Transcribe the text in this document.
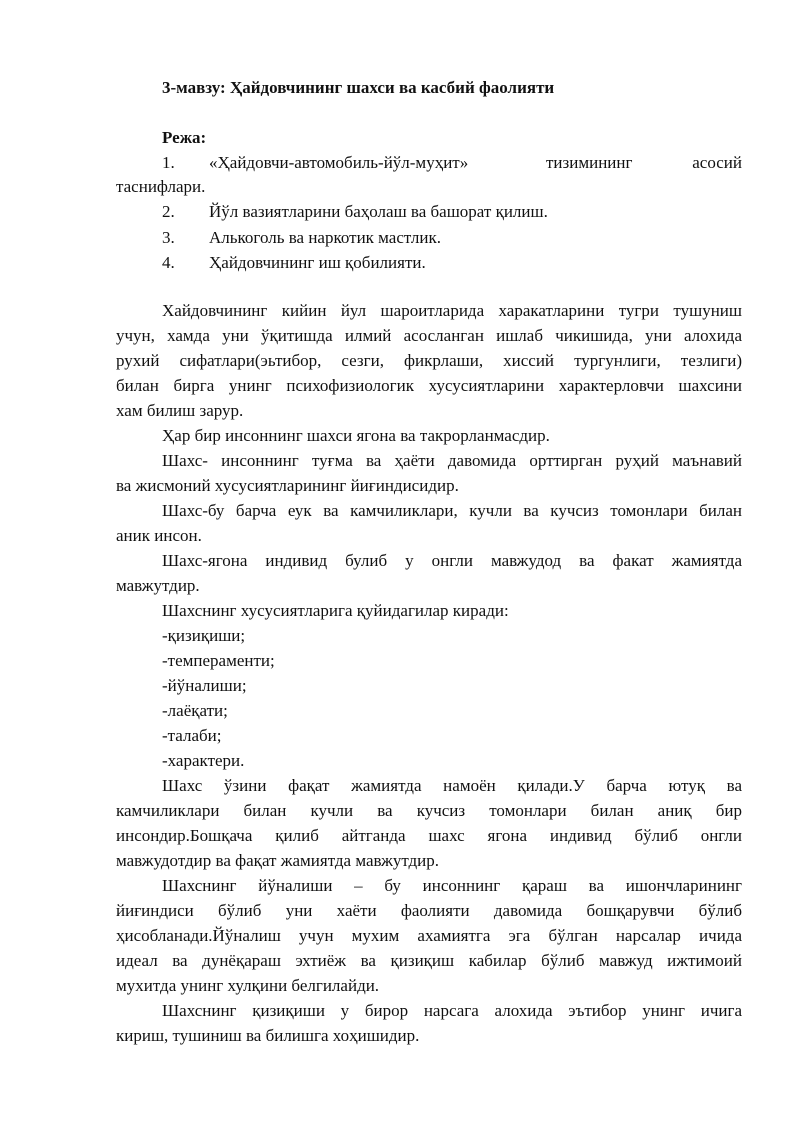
3-мавзу: Ҳайдовчининг шахси ва касбий фаолияти
Режа:
1. «Ҳайдовчи-автомобиль-йўл-муҳит»	тизимининг	асосий
таснифлари.
2. Йўл вазиятларини баҳолаш ва башорат қилиш.
3. Алькоголь ва наркотик мастлик.
4. Ҳайдовчининг иш қобилияти.
Хайдовчининг кийин йул шароитларида харакатларини тугри тушуниш
учун, хамда уни ўқитишда илмий асосланган ишлаб чикишида, уни алохида
рухий сифатлари(эьтибор, сезги, фикрлаши, хиссий тургунлиги, тезлиги)
билан бирга унинг психофизиологик хусусиятларини характерловчи шахсини
хам билиш зарур.
Ҳар бир инсоннинг шахси ягона ва такрорланмасдир.
Шахс- инсоннинг туғма ва ҳаёти давомида орттирган руҳий маънавий
ва жисмоний хусусиятларининг йиғиндисидир.
Шахс-бу барча еук ва камчиликлари, кучли ва кучсиз томонлари билан
аник инсон.
Шахс-ягона индивид булиб у онгли мавжудод ва факат жамиятда
мавжутдир.
Шахснинг хусусиятларига қуйидагилар киради:
-қизиқиши;
-темпераменти;
-йўналиши;
-лаёқати;
-талаби;
-характери.
Шахс ўзини фақат жамиятда намоён қилади.У барча ютуқ ва
камчиликлари билан кучли ва кучсиз томонлари билан аниқ бир
инсондир.Бошқача қилиб айтганда шахс ягона индивид бўлиб онгли
мавжудотдир ва фақат жамиятда мавжутдир.
Шахснинг йўналиши – бу инсоннинг қараш ва ишончларининг
йиғиндиси бўлиб уни хаёти фаолияти давомида бошқарувчи бўлиб
ҳисобланади.Йўналиш учун мухим ахамиятга эга бўлган нарсалар ичида
идеал ва дунёқараш эхтиёж ва қизиқиш кабилар бўлиб мавжуд ижтимоий
мухитда унинг хулқини белгилайди.
Шахснинг қизиқиши у бирор нарсага алохида эътибор унинг ичига
кириш, тушиниш ва билишга хоҳишидир.
